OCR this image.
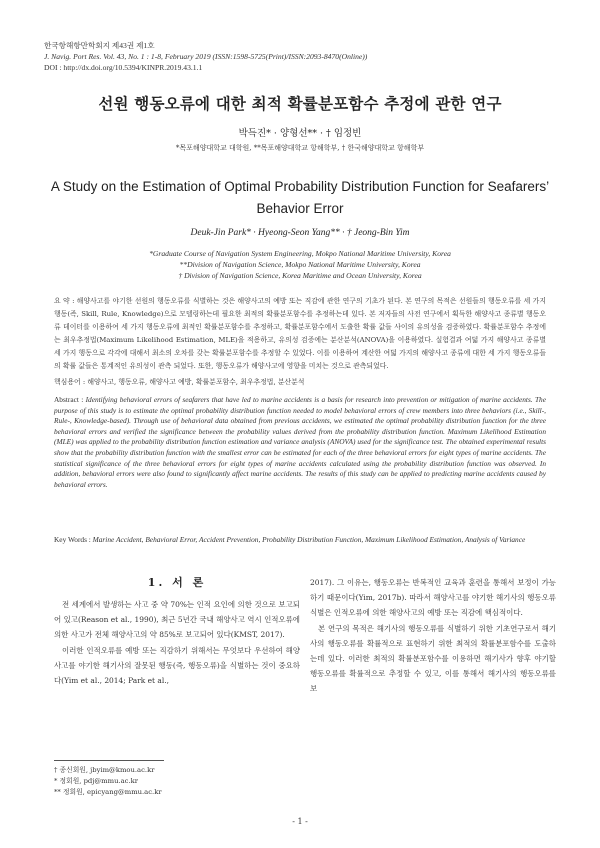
한국항해항만학회지 제43권 제1호
J. Navig. Port Res. Vol. 43, No. 1 : 1-8, February 2019 (ISSN:1598-5725(Print)/ISSN:2093-8470(Online))
DOI : http://dx.doi.org/10.5394/KINPR.2019.43.1.1
선원 행동오류에 대한 최적 확률분포함수 추정에 관한 연구
박득진* · 양형선** · † 임정빈
*목포해양대학교 대학원, **목포해양대학교 항해학부, † 한국해양대학교 항해학부
A Study on the Estimation of Optimal Probability Distribution Function for Seafarers’ Behavior Error
Deuk-Jin Park* · Hyeong-Seon Yang** · † Jeong-Bin Yim
*Graduate Course of Navigation System Engineering, Mokpo National Maritime University, Korea
**Division of Navigation Science, Mokpo National Maritime University, Korea
† Division of Navigation Science, Korea Maritime and Ocean University, Korea
요 약 : 해양사고를 야기한 선원의 행동오류를 식별하는 것은 해양사고의 예방 또는 직감에 관한 연구의 기초가 된다. 본 연구의 목적은 선원들의 행동오류를 세 가지 행동(즉, Skill, Rule, Knowledge)으로 모델링하는데 필요한 최적의 확률분포함수를 추정하는데 있다. 본 저자들의 사전 연구에서 획득한 해양사고 종류별 행동오류 데이터를 이용하여 세 가지 행동오류에 최적인 확률분포함수를 추정하고, 확률분포함수에서 도출한 확률 값들 사이의 유의성을 검증하였다. 확률분포함수 추정에는 최우추정법(Maximum Likelihood Estimation, MLE)을 적용하고, 유의성 검증에는 분산분석(ANOVA)을 이용하였다. 실험결과 여덟 가지 해양사고 종류별 세 가지 행동으로 각각에 대해서 최소의 오차를 갖는 확률분포함수를 추정할 수 있었다. 이를 이용하여 계산한 여덟 가지의 해양사고 종류에 대한 세 가지 행동오류들의 확률 값들은 통계적인 유의성이 관측 되었다. 또한, 행동오류가 해양사고에 영향을 미치는 것으로 관측되었다.
핵심용어 : 해양사고, 행동오류, 해양사고 예방, 확률분포함수, 최우추정법, 분산분석
Abstract : Identifying behavioral errors of seafarers that have led to marine accidents is a basis for research into prevention or mitigation of marine accidents. The purpose of this study is to estimate the optimal probability distribution function needed to model behavioral errors of crew members into three behaviors (i.e., Skill-, Rule-, Knowledge-based). Through use of behavioral data obtained from previous accidents, we estimated the optimal probability distribution function for the three behavioral errors and verified the significance between the probability values derived from the probability distribution function. Maximum Likelihood Estimation (MLE) was applied to the probability distribution function estimation and variance analysis (ANOVA) used for the significance test. The obtained experimental results show that the probability distribution function with the smallest error can be estimated for each of the three behavioral errors for eight types of marine accidents. The statistical significance of the three behavioral errors for eight types of marine accidents calculated using the probability distribution function was observed. In addition, behavioral errors were also found to significantly affect marine accidents. The results of this study can be applied to predicting marine accidents caused by behavioral errors.
Key Words : Marine Accident, Behavioral Error, Accident Prevention, Probability Distribution Function, Maximum Likelihood Estimation, Analysis of Variance
1. 서 론

전 세계에서 발생하는 사고 중 약 70%는 인적 요인에 의한 것으로 보고되어 있고(Reason et al., 1990), 최근 5년간 국내 해양사고 역시 인적오류에 의한 사고가 전체 해양사고의 약 85%로 보고되어 있다(KMST, 2017).

이러한 인적오류를 예방 또는 직감하기 위해서는 무엇보다 우선하여 해양사고를 야기한 해기사의 잘못된 행동(즉, 행동오류)을 식별하는 것이 중요하다(Yim et al., 2014; Park et al.,

2017). 그 이유는, 행동오류는 반복적인 교육과 훈련을 통해서 보정이 가능하기 때문이다(Yim, 2017b). 따라서 해양사고를 야기한 해기사의 행동오류 식별은 인적오류에 의한 해양사고의 예방 또는 직감에 핵심적이다.

본 연구의 목적은 해기사의 행동오류를 식별하기 위한 기초연구로서 해기사의 행동오류를 확률적으로 표현하기 위한 최적의 확률분포함수를 도출하는데 있다. 이러한 최적의 확률분포함수를 이용하면 해기사가 향후 야기할 행동오류를 확률적으로 추정할 수 있고, 이를 통해서 해기사의 행동오류를 보

† 종신회원, jbyim@kmou.ac.kr
* 정회원, pdj@mmu.ac.kr
** 정회원, epicyang@mmu.ac.kr
- 1 -
